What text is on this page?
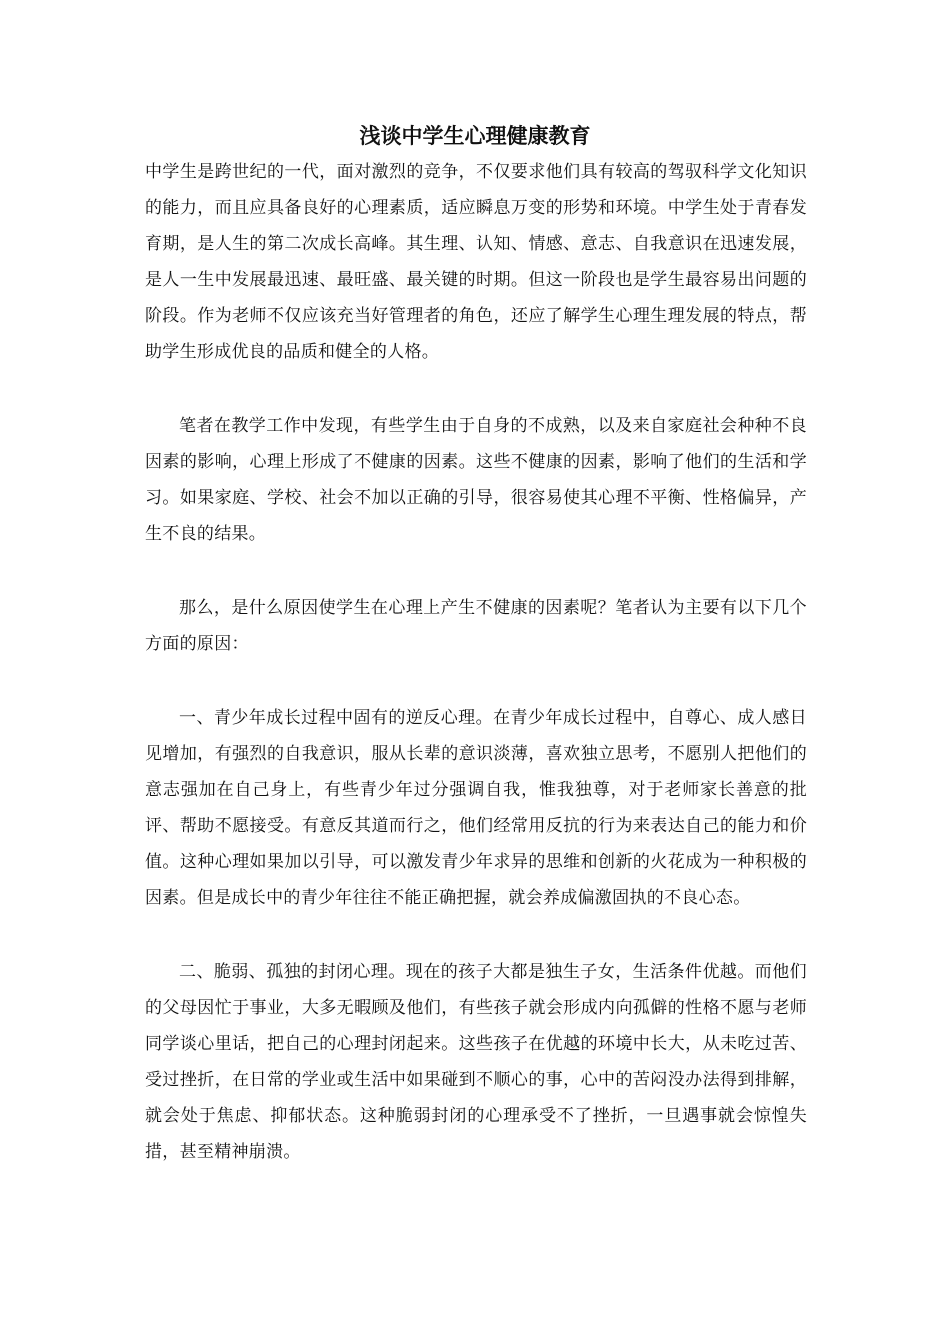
浅谈中学生心理健康教育

中学生是跨世纪的一代，面对激烈的竞争，不仅要求他们具有较高的驾驭科学文化知识的能力，而且应具备良好的心理素质，适应瞬息万变的形势和环境。中学生处于青春发育期，是人生的第二次成长高峰。其生理、认知、情感、意志、自我意识在迅速发展，是人一生中发展最迅速、最旺盛、最关键的时期。但这一阶段也是学生最容易出问题的阶段。作为老师不仅应该充当好管理者的角色，还应了解学生心理生理发展的特点，帮助学生形成优良的品质和健全的人格。

笔者在教学工作中发现，有些学生由于自身的不成熟，以及来自家庭社会种种不良因素的影响，心理上形成了不健康的因素。这些不健康的因素，影响了他们的生活和学习。如果家庭、学校、社会不加以正确的引导，很容易使其心理不平衡、性格偏异，产生不良的结果。

那么，是什么原因使学生在心理上产生不健康的因素呢？笔者认为主要有以下几个方面的原因：

一、青少年成长过程中固有的逆反心理。在青少年成长过程中，自尊心、成人感日见增加，有强烈的自我意识，服从长辈的意识淡薄，喜欢独立思考，不愿别人把他们的意志强加在自己身上，有些青少年过分强调自我，惟我独尊，对于老师家长善意的批评、帮助不愿接受。有意反其道而行之，他们经常用反抗的行为来表达自己的能力和价值。这种心理如果加以引导，可以激发青少年求异的思维和创新的火花成为一种积极的因素。但是成长中的青少年往往不能正确把握，就会养成偏激固执的不良心态。

二、脆弱、孤独的封闭心理。现在的孩子大都是独生子女，生活条件优越。而他们的父母因忙于事业，大多无暇顾及他们，有些孩子就会形成内向孤僻的性格不愿与老师同学谈心里话，把自己的心理封闭起来。这些孩子在优越的环境中长大，从未吃过苦、受过挫折，在日常的学业或生活中如果碰到不顺心的事，心中的苦闷没办法得到排解，就会处于焦虑、抑郁状态。这种脆弱封闭的心理承受不了挫折，一旦遇事就会惊惶失措，甚至精神崩溃。
